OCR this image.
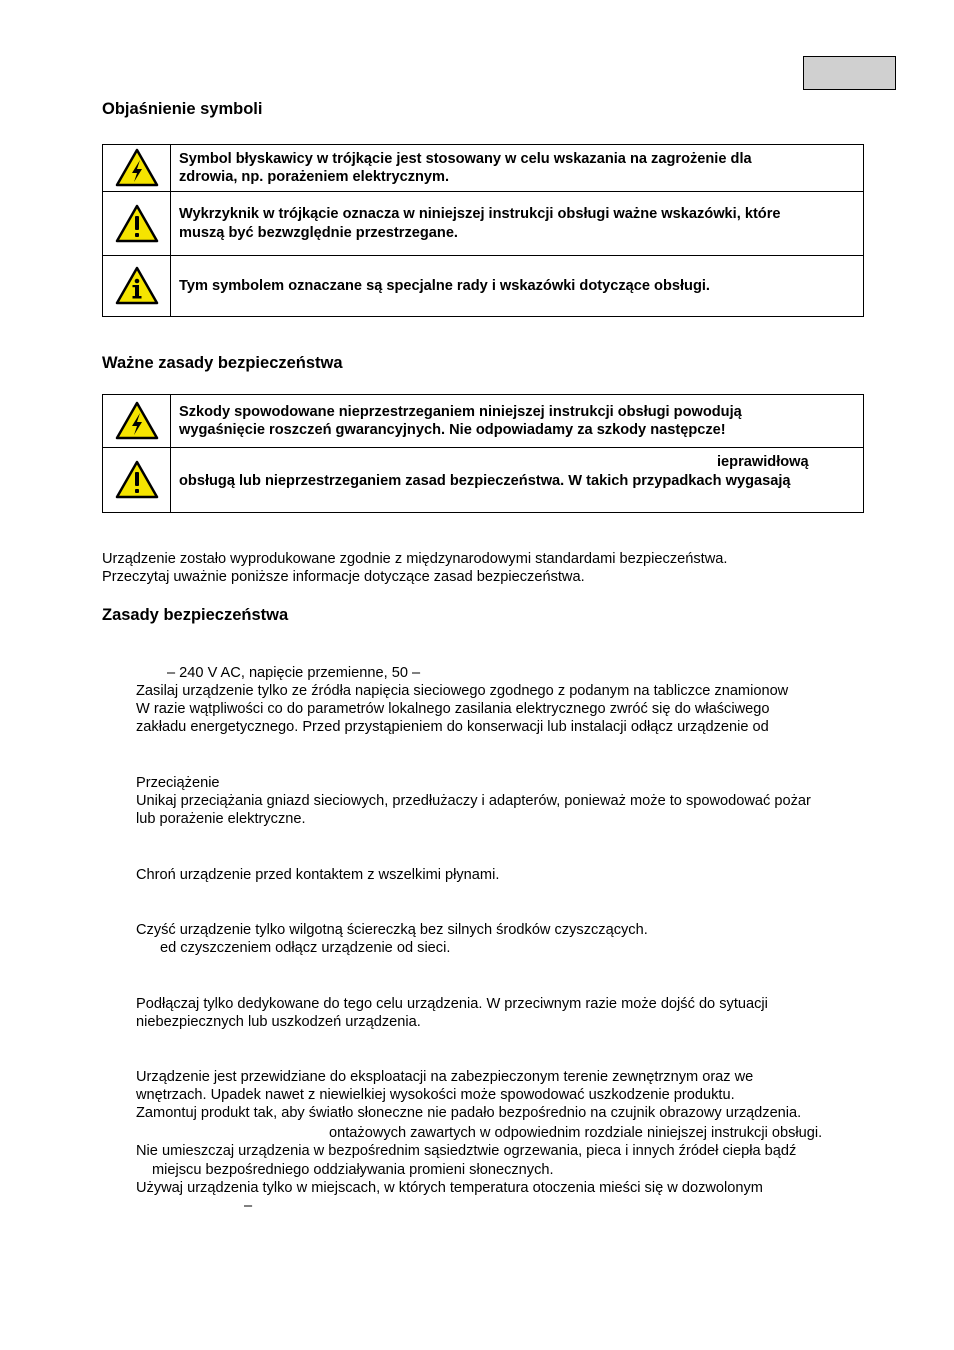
Objaśnienie symboli

Symbol błyskawicy w trójkącie jest stosowany w celu wskazania na zagrożenie dla
zdrowia, np. porażeniem elektrycznym.

Wykrzyknik w trójkącie oznacza w niniejszej instrukcji obsługi ważne wskazówki, które
muszą być bezwzględnie przestrzegane.

Tym symbolem oznaczane są specjalne rady i wskazówki dotyczące obsługi.
Ważne zasady bezpieczeństwa

Szkody spowodowane nieprzestrzeganiem niniejszej instrukcji obsługi powodują
wygaśnięcie roszczeń gwarancyjnych. Nie odpowiadamy za szkody następcze!

ieprawidłową
obsługą lub nieprzestrzeganiem zasad bezpieczeństwa. W takich przypadkach wygasają
Urządzenie zostało wyprodukowane zgodnie z międzynarodowymi standardami bezpieczeństwa.
Przeczytaj uważnie poniższe informacje dotyczące zasad bezpieczeństwa.
Zasady bezpieczeństwa
– 240 V AC, napięcie przemienne, 50 –
Zasilaj urządzenie tylko ze źródła napięcia sieciowego zgodnego z podanym na tabliczce znamionow
W razie wątpliwości co do parametrów lokalnego zasilania elektrycznego zwróć się do właściwego
zakładu energetycznego. Przed przystąpieniem do konserwacji lub instalacji odłącz urządzenie od
Przeciążenie
Unikaj przeciążania gniazd sieciowych, przedłużaczy i adapterów, ponieważ może to spowodować pożar
lub porażenie elektryczne.
Chroń urządzenie przed kontaktem z wszelkimi płynami.
Czyść urządzenie tylko wilgotną ściereczką bez silnych środków czyszczących.
ed czyszczeniem odłącz urządzenie od sieci.
Podłączaj tylko dedykowane do tego celu urządzenia. W przeciwnym razie może dojść do sytuacji
niebezpiecznych lub uszkodzeń urządzenia.
Urządzenie jest przewidziane do eksploatacji na zabezpieczonym terenie zewnętrznym oraz we
wnętrzach. Upadek nawet z niewielkiej wysokości może spowodować uszkodzenie produktu.
Zamontuj produkt tak, aby światło słoneczne nie padało bezpośrednio na czujnik obrazowy urządzenia.
ontażowych zawartych w odpowiednim rozdziale niniejszej instrukcji obsługi.
Nie umieszczaj urządzenia w bezpośrednim sąsiedztwie ogrzewania, pieca i innych źródeł ciepła bądź
miejscu bezpośredniego oddziaływania promieni słonecznych.
Używaj urządzenia tylko w miejscach, w których temperatura otoczenia mieści się w dozwolonym
–
